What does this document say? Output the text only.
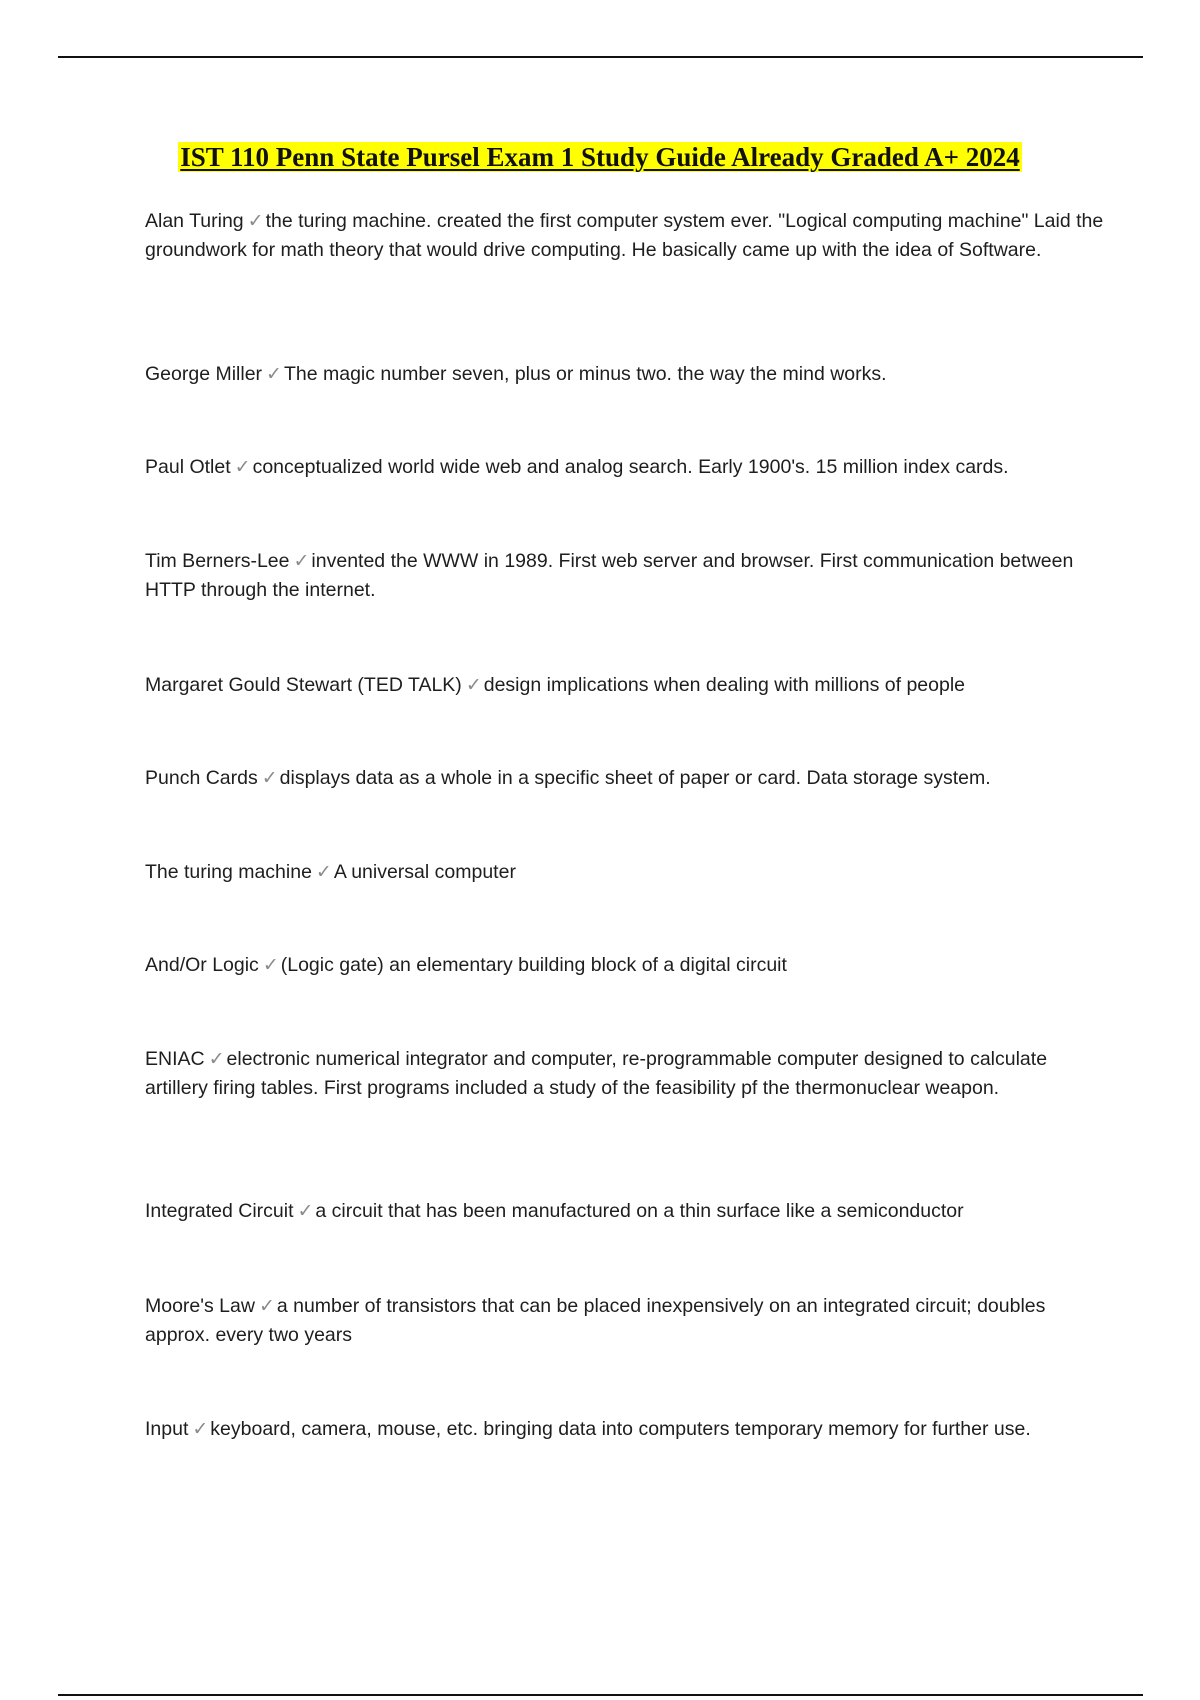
IST 110 Penn State Pursel Exam 1 Study Guide Already Graded A+ 2024

Alan Turing ✓ the turing machine. created the first computer system ever. "Logical computing machine" Laid the groundwork for math theory that would drive computing. He basically came up with the idea of Software.

George Miller ✓ The magic number seven, plus or minus two. the way the mind works.

Paul Otlet ✓ conceptualized world wide web and analog search. Early 1900's. 15 million index cards.

Tim Berners-Lee ✓ invented the WWW in 1989. First web server and browser. First communication between HTTP through the internet.

Margaret Gould Stewart (TED TALK) ✓ design implications when dealing with millions of people

Punch Cards ✓ displays data as a whole in a specific sheet of paper or card. Data storage system.

The turing machine ✓ A universal computer

And/Or Logic ✓ (Logic gate) an elementary building block of a digital circuit

ENIAC ✓ electronic numerical integrator and computer, re-programmable computer designed to calculate artillery firing tables. First programs included a study of the feasibility pf the thermonuclear weapon.

Integrated Circuit ✓ a circuit that has been manufactured on a thin surface like a semiconductor

Moore's Law ✓ a number of transistors that can be placed inexpensively on an integrated circuit; doubles approx. every two years

Input ✓ keyboard, camera, mouse, etc. bringing data into computers temporary memory for further use.
